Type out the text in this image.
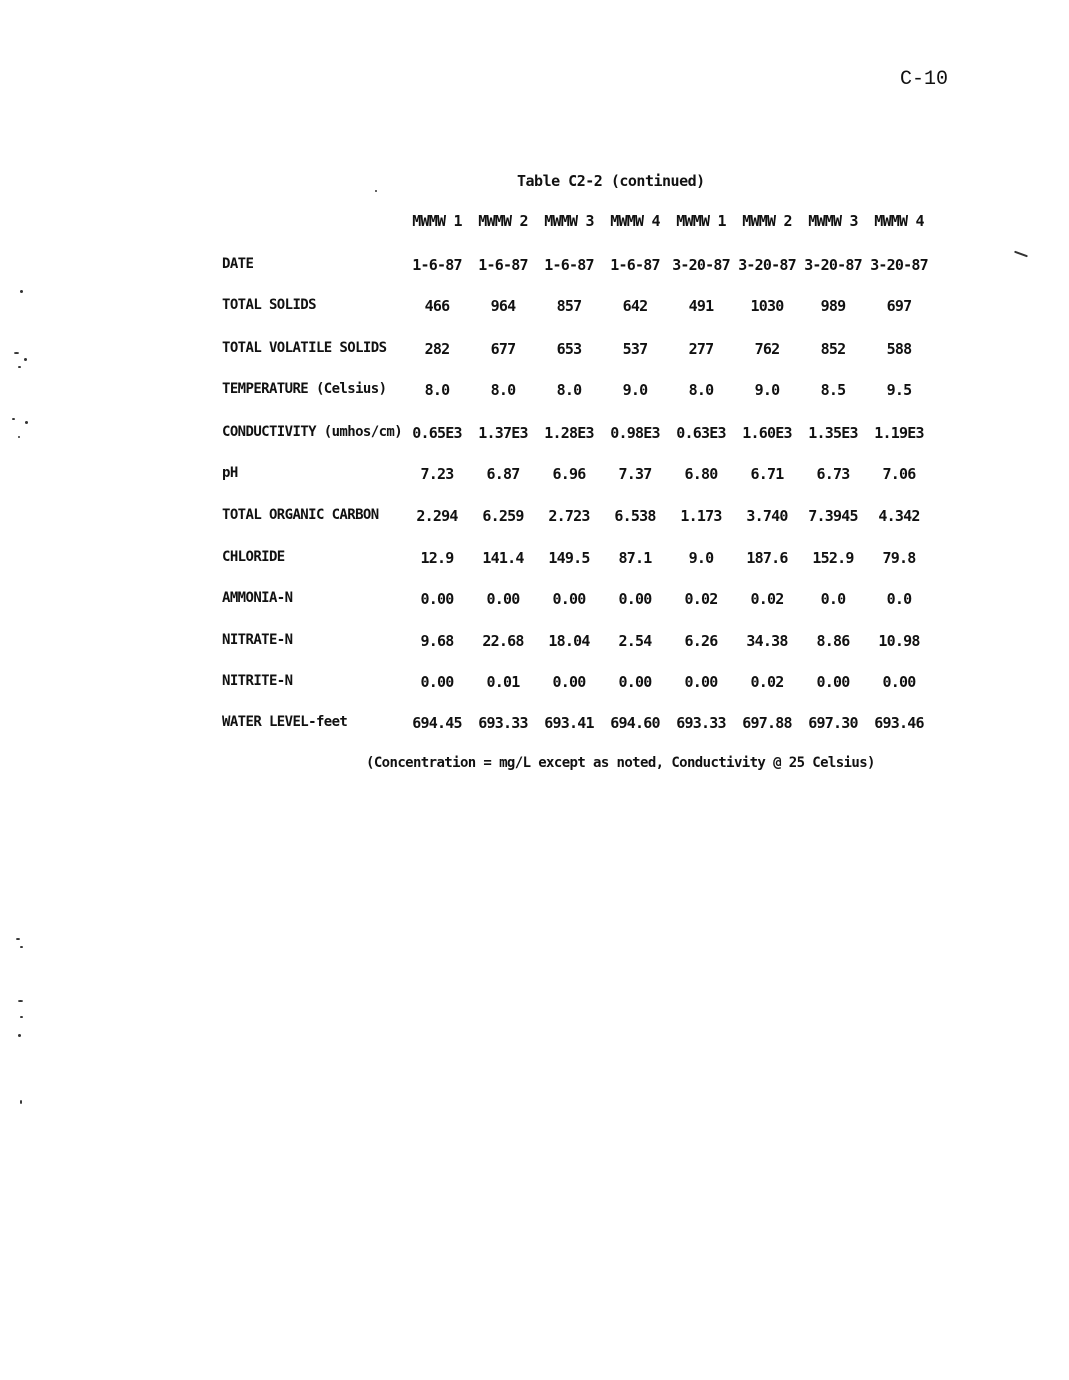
C-10
Table C2-2 (continued)
MWMW 1	MWMW 2	MWMW 3	MWMW 4	MWMW 1	MWMW 2	MWMW 3	MWMW 4
DATE	1-6-87	1-6-87	1-6-87	1-6-87 3-20-87 3-20-87 3-20-87 3-20-87
TOTAL SOLIDS	466	964	857	642	491	1030	989	697
TOTAL VOLATILE SOLIDS	282	677	653	537	277	762	852	588
TEMPERATURE (Celsius)	8.0	8.0	8.0	9.0	8.0	9.0	8.5	9.5
CONDUCTIVITY (umhos/cm) 0.65E3	1.37E3	1.28E3	0.98E3	0.63E3	1.60E3	1.35E3	1.19E3
pH	7.23	6.87	6.96	7.37	6.80	6.71	6.73	7.06
TOTAL ORGANIC CARBON	2.294	6.259	2.723	6.538	1.173	3.740	7.3945	4.342
CHLORIDE	12.9	141.4	149.5	87.1	9.0	187.6	152.9	79.8
AMMONIA-N	0.00	0.00	0.00	0.00	0.02	0.02	0.0	0.0
NITRATE-N	9.68	22.68	18.04	2.54	6.26	34.38	8.86	10.98
NITRITE-N	0.00	0.01	0.00	0.00	0.00	0.02	0.00	0.00
WATER LEVEL-feet	694.45	693.33	693.41	694.60	693.33	697.88	697.30	693.46
(Concentration = mg/L except as noted, Conductivity @ 25 Celsius)
